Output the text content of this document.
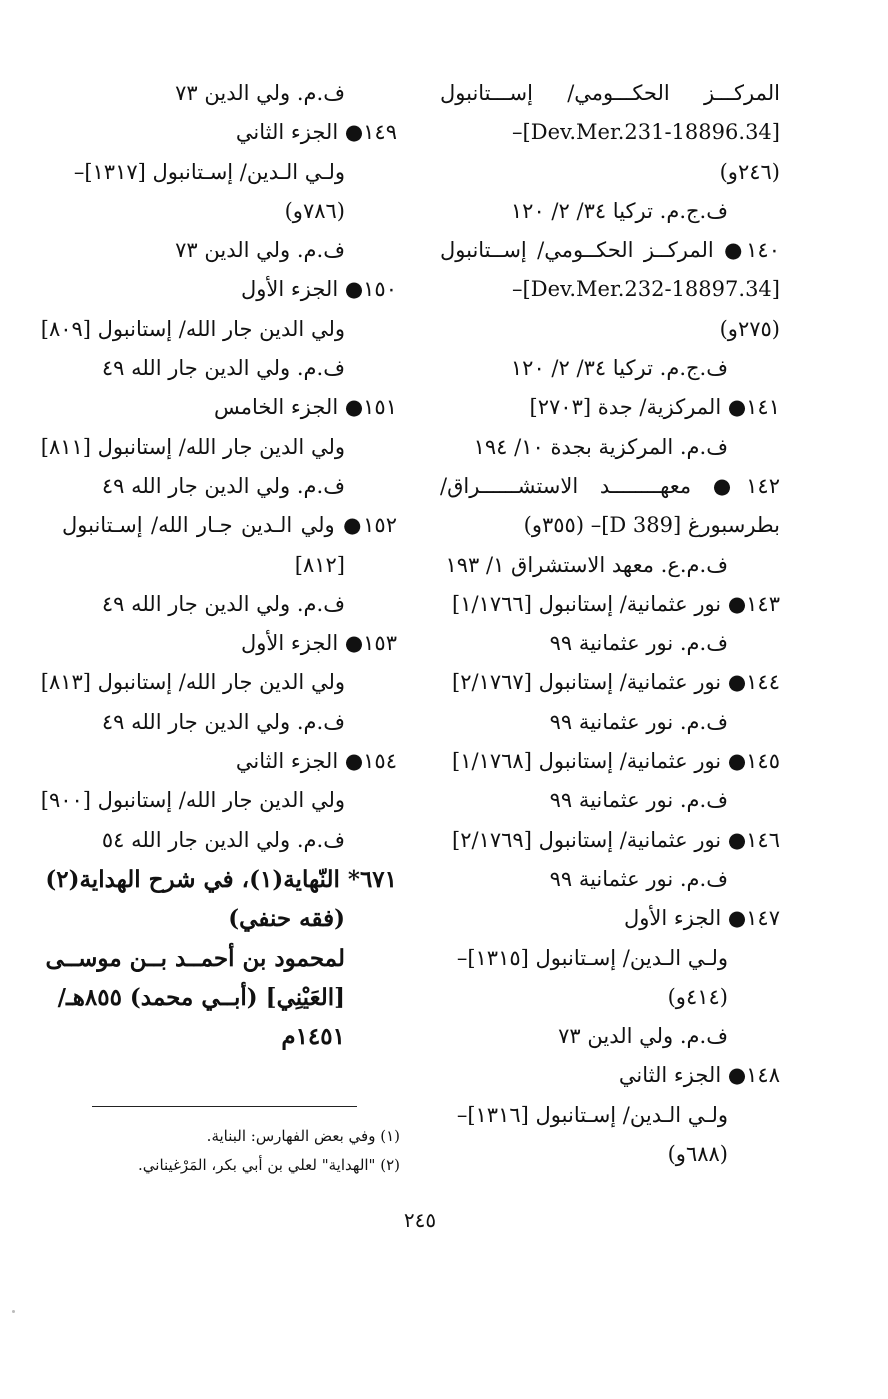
المركـــز الحكـــومي/ إســـتانبول
[34.Dev.Mer.231-18896]–
(٢٤٦و)
ف.ج.م. تركيا ٣٤/ ٢/ ١٢٠
١٤٠● المركــز الحكــومي/ إســتانبول
[34.Dev.Mer.232-18897]–
(٢٧٥و)
ف.ج.م. تركيا ٣٤/ ٢/ ١٢٠
١٤١● المركزية/ جدة [٢٧٠٣]
ف.م. المركزية بجدة ١٠/ ١٩٤
١٤٢● معهــــــــد الاستشــــــراق/
بطرسبورغ [D 389]– (٣٥٥و)
ف.م.ع. معهد الاستشراق ١/ ١٩٣
١٤٣● نور عثمانية/ إستانبول [١/١٧٦٦]
ف.م. نور عثمانية ٩٩
١٤٤● نور عثمانية/ إستانبول [٢/١٧٦٧]
ف.م. نور عثمانية ٩٩
١٤٥● نور عثمانية/ إستانبول [١/١٧٦٨]
ف.م. نور عثمانية ٩٩
١٤٦● نور عثمانية/ إستانبول [٢/١٧٦٩]
ف.م. نور عثمانية ٩٩
١٤٧● الجزء الأول
ولـي الـدين/ إسـتانبول [١٣١٥]–
(٤١٤و)
ف.م. ولي الدين ٧٣
١٤٨● الجزء الثاني
ولـي الـدين/ إسـتانبول [١٣١٦]–
(٦٨٨و)
ف.م. ولي الدين ٧٣
١٤٩● الجزء الثاني
ولـي الـدين/ إسـتانبول [١٣١٧]–
(٧٨٦و)
ف.م. ولي الدين ٧٣
١٥٠● الجزء الأول
ولي الدين جار الله/ إستانبول [٨٠٩]
ف.م. ولي الدين جار الله ٤٩
١٥١● الجزء الخامس
ولي الدين جار الله/ إستانبول [٨١١]
ف.م. ولي الدين جار الله ٤٩
١٥٢● ولي الـدين جـار الله/ إسـتانبول
[٨١٢]
ف.م. ولي الدين جار الله ٤٩
١٥٣● الجزء الأول
ولي الدين جار الله/ إستانبول [٨١٣]
ف.م. ولي الدين جار الله ٤٩
١٥٤● الجزء الثاني
ولي الدين جار الله/ إستانبول [٩٠٠]
ف.م. ولي الدين جار الله ٥٤
٦٧١* النّهاية(١)، في شرح الهداية(٢)
(فقه حنفي)
لمحمود بن أحمــد بــن موســى
[العَيْنِي] (أبــي محمد) ٨٥٥هـ/
١٤٥١م
(١) وفي بعض الفهارس: البناية.
(٢) "الهداية" لعلي بن أبي بكر، المَرْغيناني.
٢٤٥
